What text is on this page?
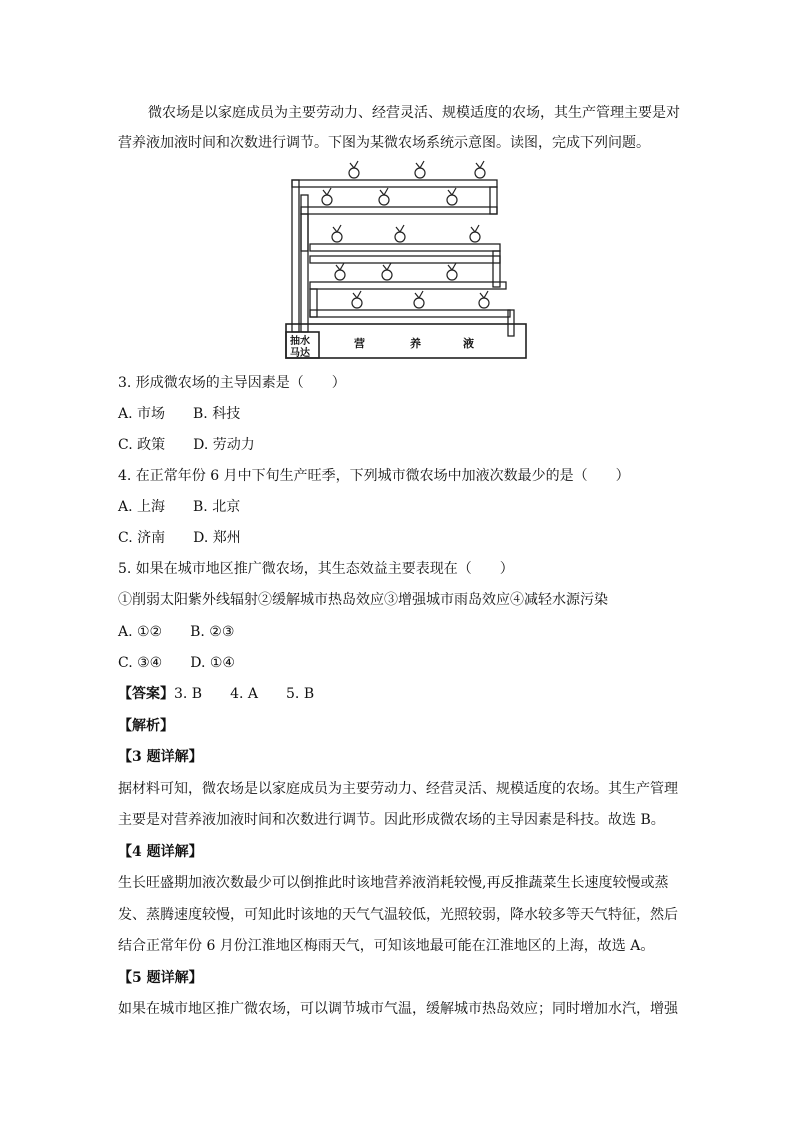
微农场是以家庭成员为主要劳动力、经营灵活、规模适度的农场，其生产管理主要是对
营养液加液时间和次数进行调节。下图为某微农场系统示意图。读图，完成下列问题。
抽水
马达
营	养	液
3. 形成微农场的主导因素是（　　）
A. 市场　　B. 科技
C. 政策　　D. 劳动力
4. 在正常年份 6 月中下旬生产旺季，下列城市微农场中加液次数最少的是（　　）
A. 上海　　B. 北京
C. 济南　　D. 郑州
5. 如果在城市地区推广微农场，其生态效益主要表现在（　　）
①削弱太阳紫外线辐射②缓解城市热岛效应③增强城市雨岛效应④减轻水源污染
A. ①②　　B. ②③
C. ③④　　D. ①④
【答案】3. B　　4. A　　5. B
【解析】
【3 题详解】
据材料可知，微农场是以家庭成员为主要劳动力、经营灵活、规模适度的农场。其生产管理
主要是对营养液加液时间和次数进行调节。因此形成微农场的主导因素是科技。故选 B。
【4 题详解】
生长旺盛期加液次数最少可以倒推此时该地营养液消耗较慢,再反推蔬菜生长速度较慢或蒸
发、蒸腾速度较慢，可知此时该地的天气气温较低，光照较弱，降水较多等天气特征，然后
结合正常年份 6 月份江淮地区梅雨天气，可知该地最可能在江淮地区的上海，故选 A。
【5 题详解】
如果在城市地区推广微农场，可以调节城市气温，缓解城市热岛效应；同时增加水汽，增强
